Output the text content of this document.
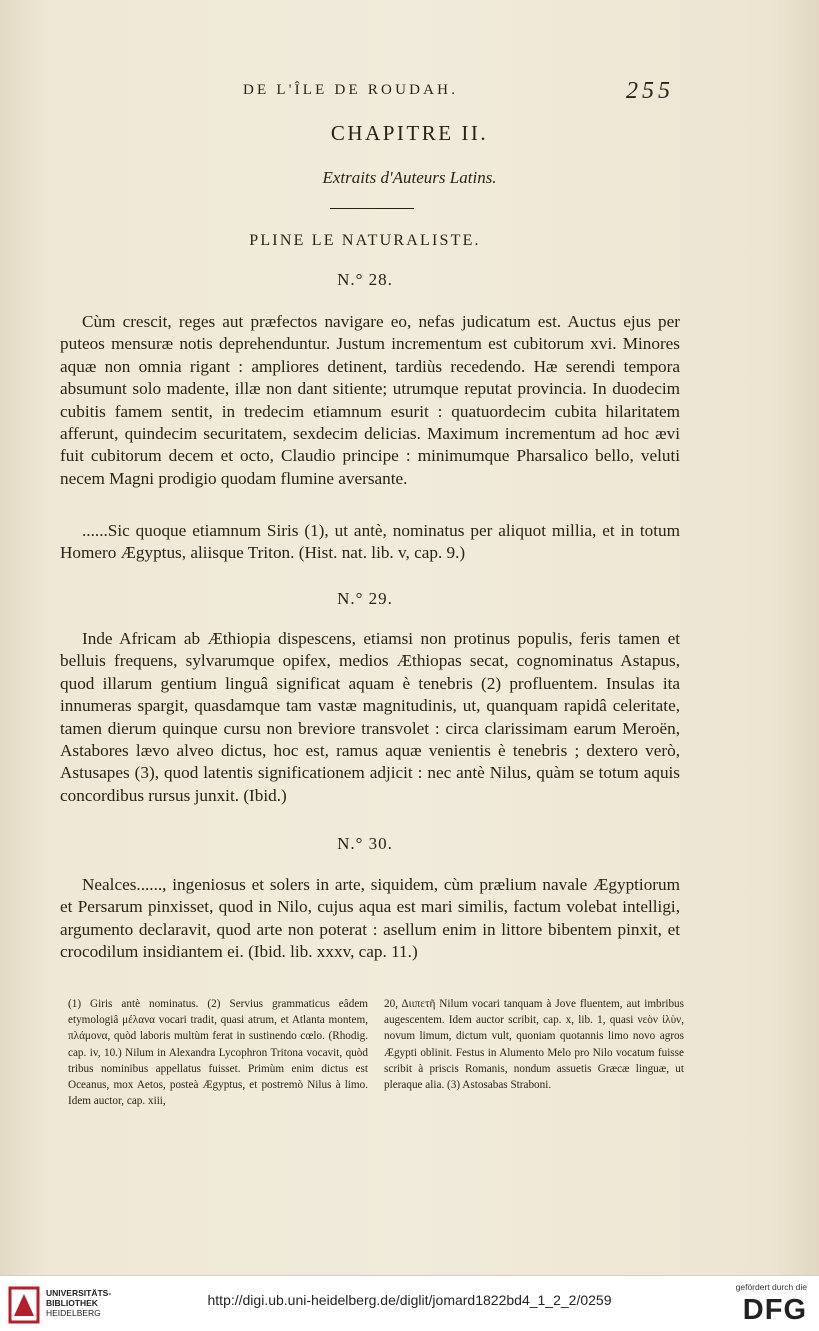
DE L'ÎLE DE ROUDAH.	255
CHAPITRE II.
Extraits d'Auteurs Latins.
PLINE LE NATURALISTE.
N.° 28.
Cùm crescit, reges aut præfectos navigare eo, nefas judicatum est. Auctus ejus per puteos mensuræ notis deprehenduntur. Justum incrementum est cubitorum xvi. Minores aquæ non omnia rigant : ampliores detinent, tardiùs recedendo. Hæ serendi tempora absumunt solo madente, illæ non dant sitiente; utrumque reputat provincia. In duodecim cubitis famem sentit, in tredecim etiamnum esurit : quatuordecim cubita hilaritatem afferunt, quindecim securitatem, sexdecim delicias. Maximum incrementum ad hoc ævi fuit cubitorum decem et octo, Claudio principe : minimumque Pharsalico bello, veluti necem Magni prodigio quodam flumine aversante.
......Sic quoque etiamnum Siris (1), ut antè, nominatus per aliquot millia, et in totum Homero Ægyptus, aliisque Triton. (Hist. nat. lib. v, cap. 9.)
N.° 29.
Inde Africam ab Æthiopia dispescens, etiamsi non protinus populis, feris tamen et belluis frequens, sylvarumque opifex, medios Æthiopas secat, cognominatus Astapus, quod illarum gentium linguâ significat aquam è tenebris (2) profluentem. Insulas ita innumeras spargit, quasdamque tam vastæ magnitudinis, ut, quanquam rapidâ celeritate, tamen dierum quinque cursu non breviore transvolet : circa clarissimam earum Meroën, Astabores lævo alveo dictus, hoc est, ramus aquæ venientis è tenebris ; dextero verò, Astusapes (3), quod latentis significationem adjicit : nec antè Nilus, quàm se totum aquis concordibus rursus junxit. (Ibid.)
N.° 30.
Nealces......, ingeniosus et solers in arte, siquidem, cùm prælium navale Ægyptiorum et Persarum pinxisset, quod in Nilo, cujus aqua est mari similis, factum volebat intelligi, argumento declaravit, quod arte non poterat : asellum enim in littore bibentem pinxit, et crocodilum insidiantem ei. (Ibid. lib. xxxv, cap. 11.)
(1) Giris antè nominatus. (2) Servius grammaticus eâdem etymologiâ μέλανα vocari tradit, quasi atrum, et Atlanta montem, πλάμονα, quòd laboris multùm ferat in sustinendo cœlo. (Rhodig. cap. iv, 10.) Nilum in Alexandra Lycophron Tritona vocavit, quòd tribus nominibus appellatus fuisset. Primùm enim dictus est Oceanus, mox Aetos, posteà Ægyptus, et postremò Nilus à limo. Idem auctor, cap. xiii,
20, Διιπετῆ Nilum vocari tanquam à Jove fluentem, aut imbribus augescentem. Idem auctor scribit, cap. x, lib. 1, quasi νεὸν ἰλὺν, novum limum, dictum vult, quoniam quotannis limo novo agros Ægypti oblinit. Festus in Alumento Melo pro Nilo vocatum fuisse scribit à priscis Romanis, nondum assuetis Græcæ linguæ, ut pleraque alia. (3) Astosabas Straboni.
UNIVERSITÄTS-
BIBLIOTHEK
HEIDELBERG
http://digi.ub.uni-heidelberg.de/diglit/jomard1822bd4_1_2_2/0259
gefördert durch die
DFG
